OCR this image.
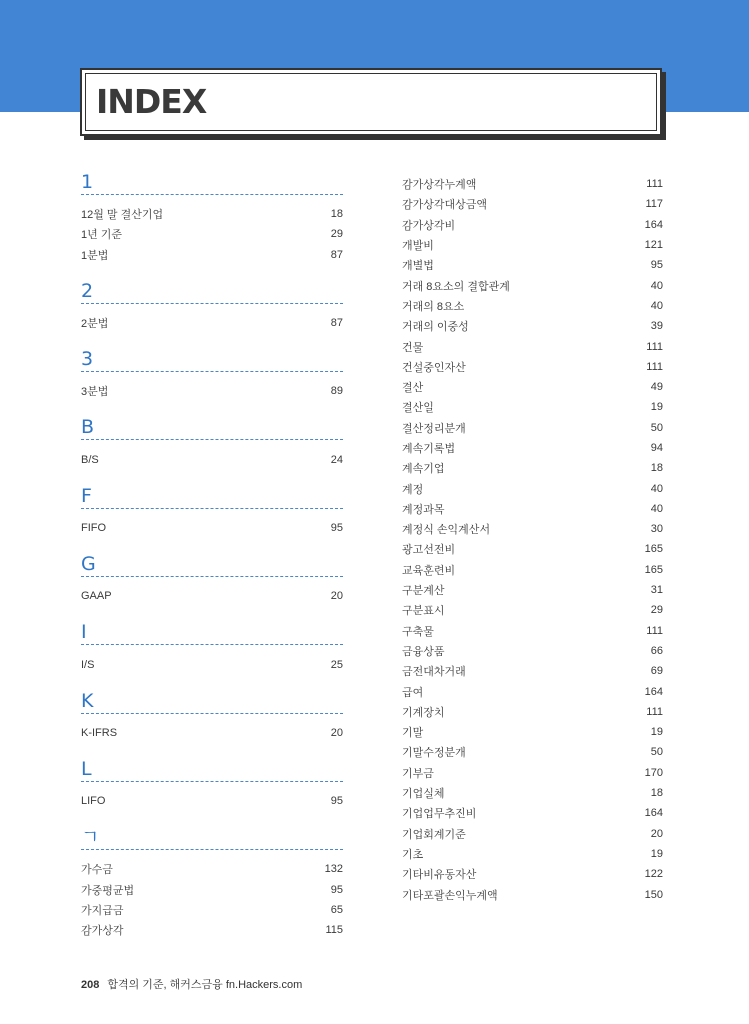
INDEX
1
12월 말 결산기업	18
1년 기준	29
1분법	87
2
2분법	87
3
3분법	89
B
B/S	24
F
FIFO	95
G
GAAP	20
I
I/S	25
K
K-IFRS	20
L
LIFO	95
ㄱ
가수금	132
가중평균법	95
가지급금	65
감가상각	115
감가상각누계액	111
감가상각대상금액	117
감가상각비	164
개발비	121
개별법	95
거래 8요소의 결합관계	40
거래의 8요소	40
거래의 이중성	39
건물	111
건설중인자산	111
결산	49
결산일	19
결산정리분개	50
계속기록법	94
계속기업	18
계정	40
계정과목	40
계정식 손익계산서	30
광고선전비	165
교육훈련비	165
구분계산	31
구분표시	29
구축물	111
금융상품	66
금전대차거래	69
급여	164
기계장치	111
기말	19
기말수정분개	50
기부금	170
기업실체	18
기업업무추진비	164
기업회계기준	20
기초	19
기타비유동자산	122
기타포괄손익누계액	150
208 합격의 기준, 해커스금융 fn.Hackers.com
